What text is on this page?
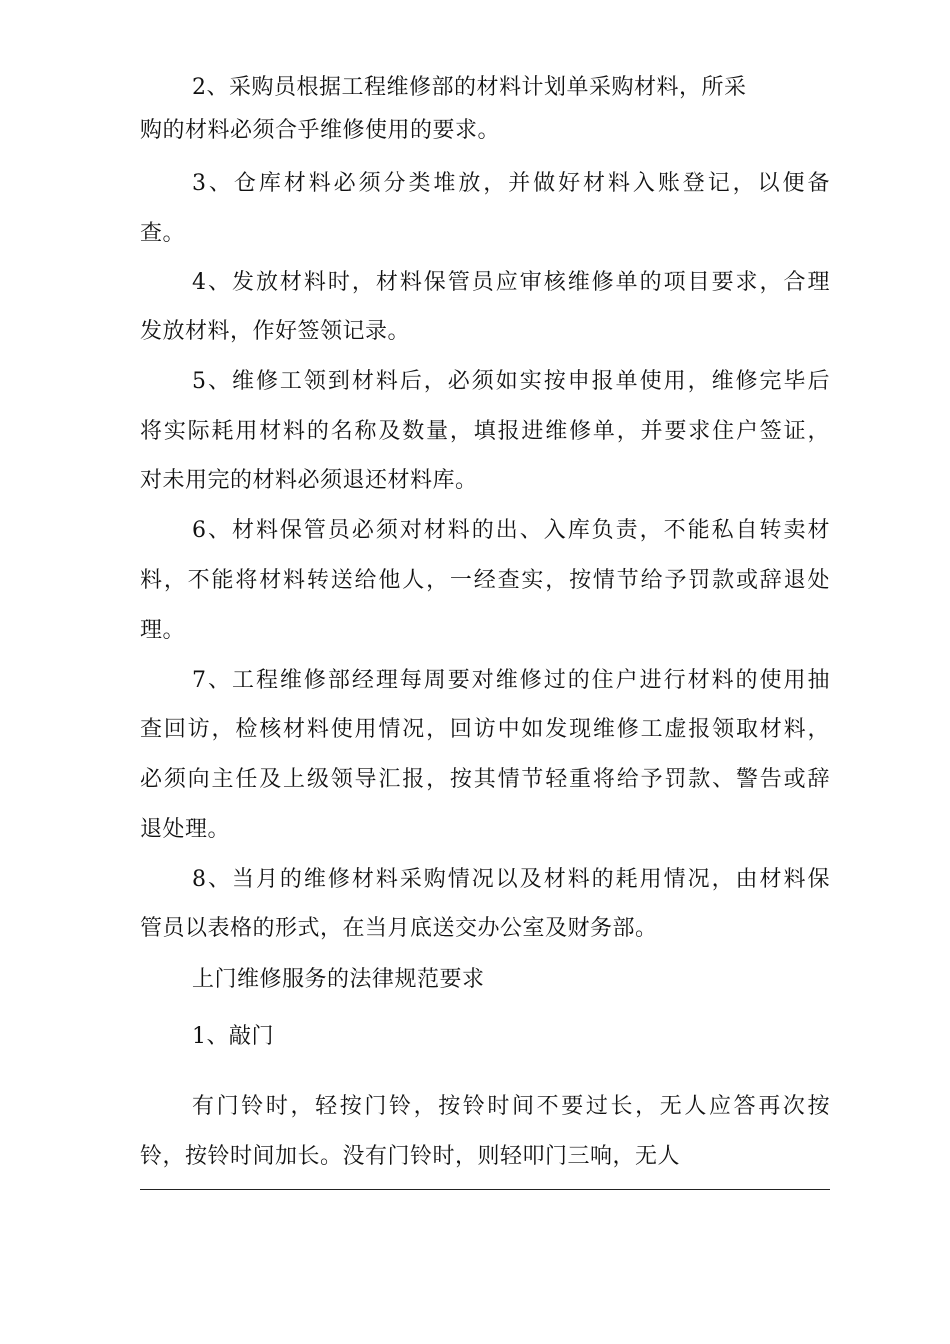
2、采购员根据工程维修部的材料计划单采购材料，所采
购的材料必须合乎维修使用的要求。
3、仓库材料必须分类堆放，并做好材料入账登记，以便备
查。
4、发放材料时，材料保管员应审核维修单的项目要求，合理
发放材料，作好签领记录。
5、维修工领到材料后，必须如实按申报单使用，维修完毕后
将实际耗用材料的名称及数量，填报进维修单，并要求住户签证，
对未用完的材料必须退还材料库。
6、材料保管员必须对材料的出、入库负责，不能私自转卖材
料，不能将材料转送给他人，一经查实，按情节给予罚款或辞退处
理。
7、工程维修部经理每周要对维修过的住户进行材料的使用抽
查回访，检核材料使用情况，回访中如发现维修工虚报领取材料，
必须向主任及上级领导汇报，按其情节轻重将给予罚款、警告或辞
退处理。
8、当月的维修材料采购情况以及材料的耗用情况，由材料保
管员以表格的形式，在当月底送交办公室及财务部。
上门维修服务的法律规范要求
1、敲门
有门铃时，轻按门铃，按铃时间不要过长，无人应答再次按
铃，按铃时间加长。没有门铃时，则轻叩门三响，无人
